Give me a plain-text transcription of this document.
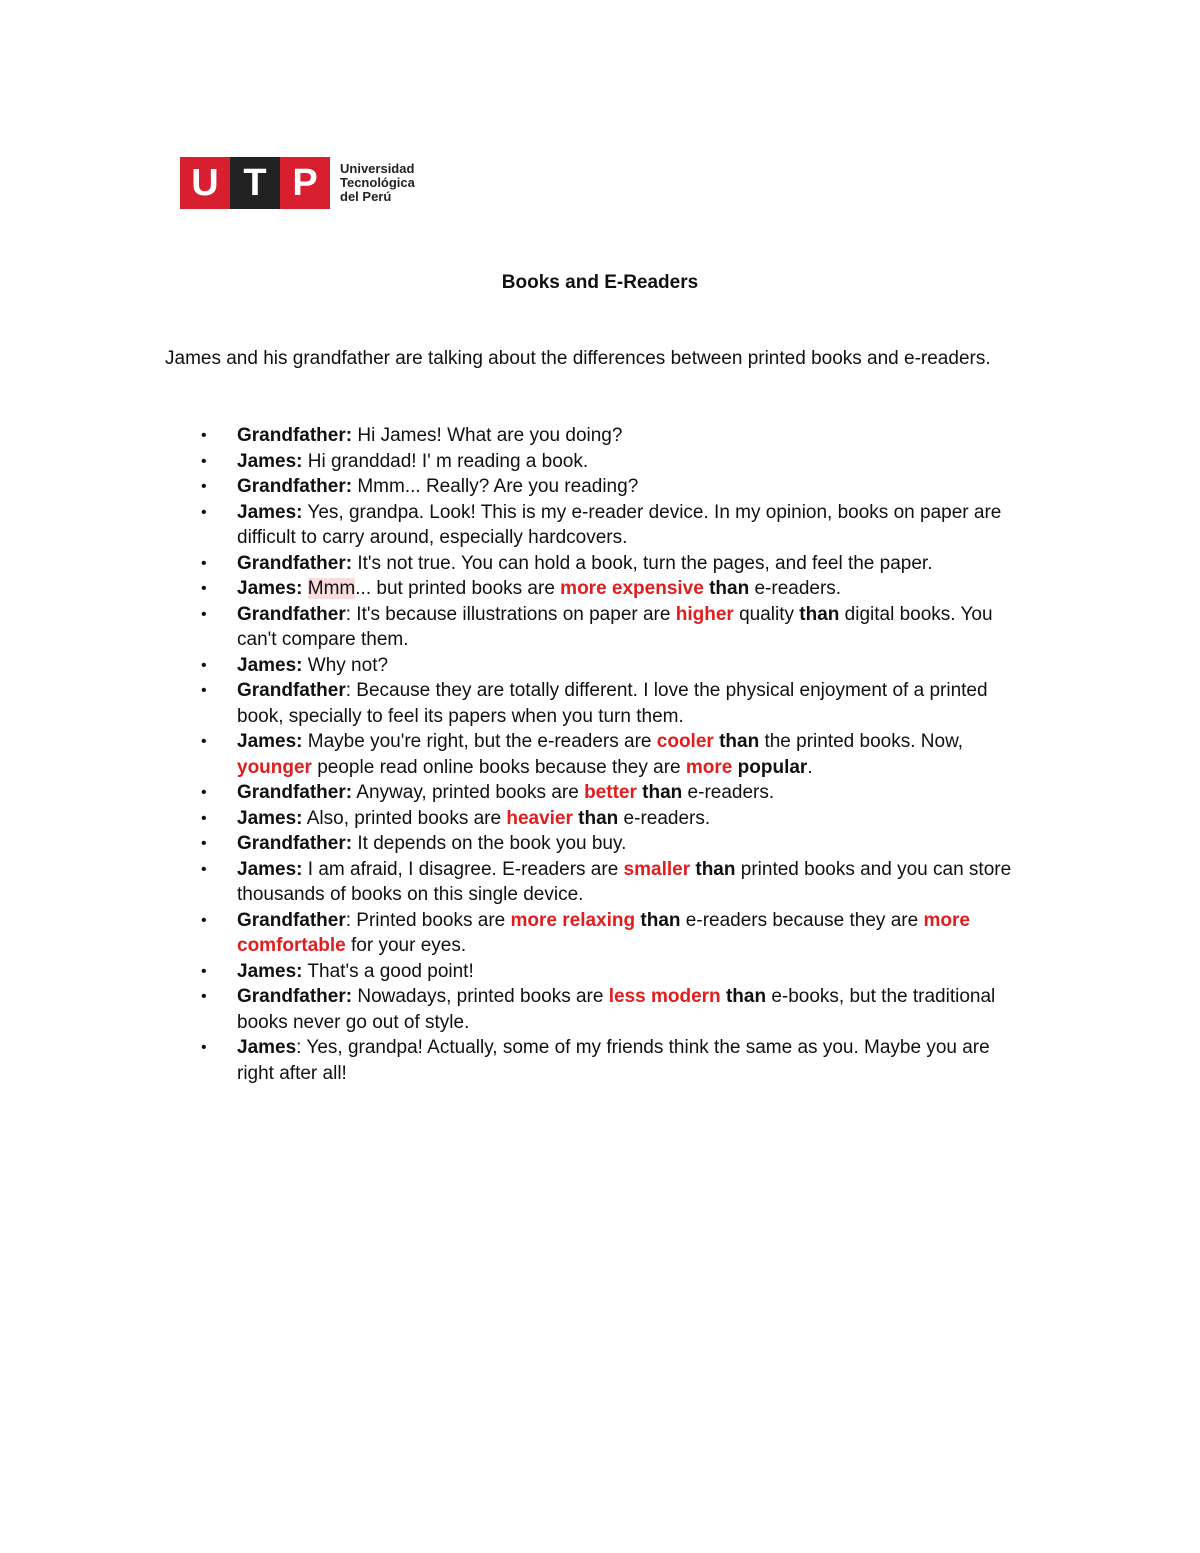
U T P	Universidad
Tecnológica
del Perú
Books and E-Readers
James and his grandfather are talking about the differences between printed books and e-readers.
• Grandfather: Hi James! What are you doing?
• James: Hi granddad! I' m reading a book.
• Grandfather: Mmm... Really? Are you reading?
• James: Yes, grandpa. Look! This is my e-reader device. In my opinion, books on paper are difficult to carry around, especially hardcovers.
• Grandfather: It's not true. You can hold a book, turn the pages, and feel the paper.
• James: Mmm... but printed books are more expensive than e-readers.
• Grandfather: It's because illustrations on paper are higher quality than digital books. You can't compare them.
• James: Why not?
• Grandfather: Because they are totally different. I love the physical enjoyment of a printed book, specially to feel its papers when you turn them.
• James: Maybe you're right, but the e-readers are cooler than the printed books. Now, younger people read online books because they are more popular.
• Grandfather: Anyway, printed books are better than e-readers.
• James: Also, printed books are heavier than e-readers.
• Grandfather: It depends on the book you buy.
• James: I am afraid, I disagree. E-readers are smaller than printed books and you can store thousands of books on this single device.
• Grandfather: Printed books are more relaxing than e-readers because they are more comfortable for your eyes.
• James: That's a good point!
• Grandfather: Nowadays, printed books are less modern than e-books, but the traditional books never go out of style.
• James: Yes, grandpa! Actually, some of my friends think the same as you. Maybe you are right after all!
